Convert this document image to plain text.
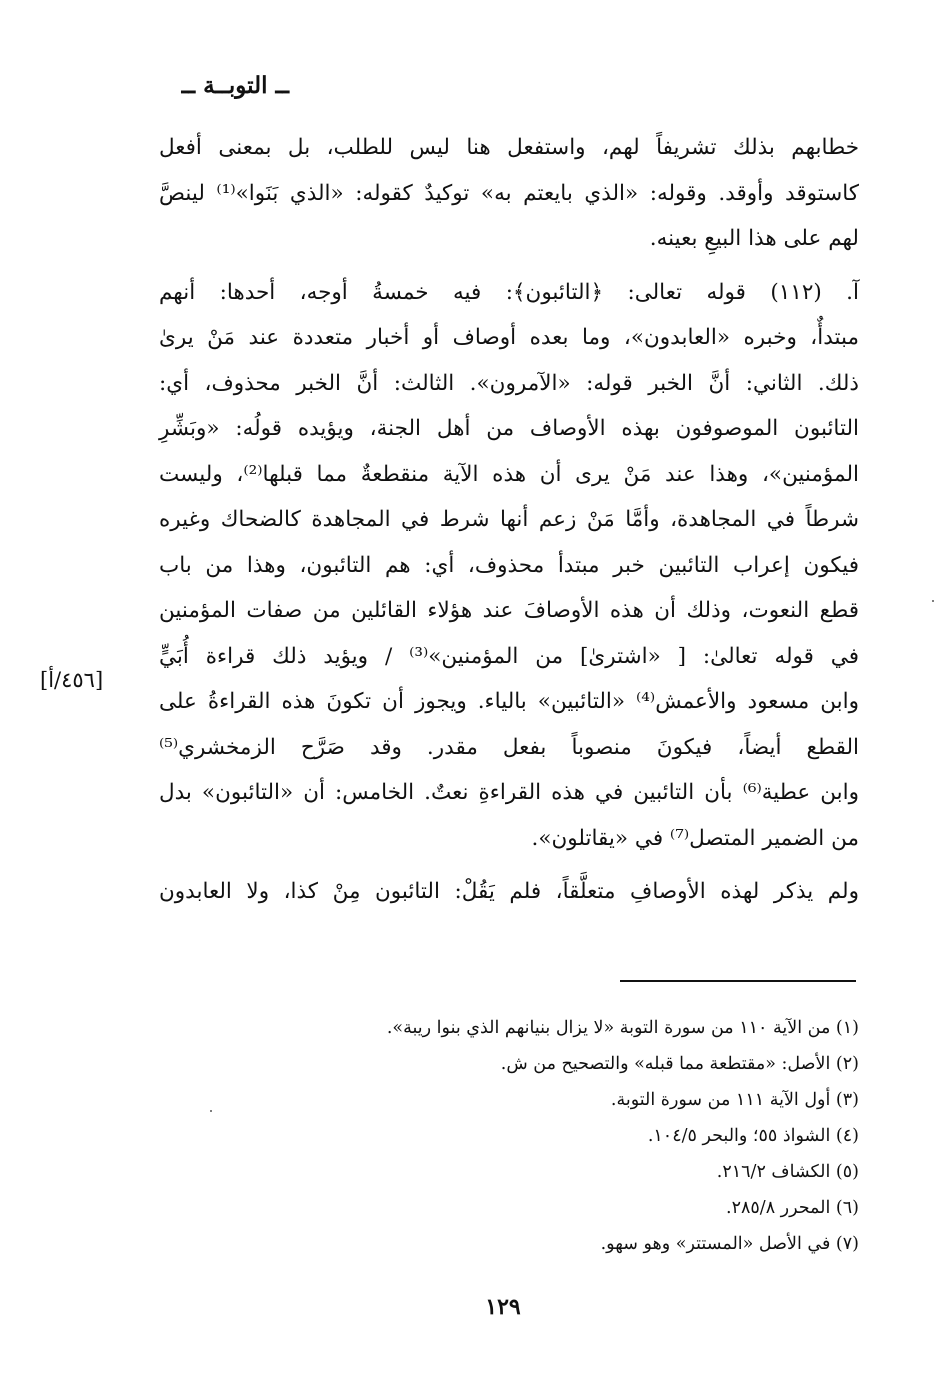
ــ التوبــة ــ
خطابهم بذلك تشريفاً لهم، واستفعل هنا ليس للطلب، بل بمعنى أفعل
كاستوقد وأوقد. وقوله: «الذي بايعتم به» توكيدٌ كقوله: «الذي بَنَوا»⁽¹⁾ لينصَّ
لهم على هذا البيعِ بعينه.
آ. (١١٢) قوله تعالى: ﴿التائبون﴾: فيه خمسةُ أوجه، أحدها: أنهم
مبتدأٌ، وخبره «العابدون»، وما بعده أوصاف أو أخبار متعددة عند مَنْ يرىٰ
ذلك. الثاني: أنَّ الخبر قوله: «الآمرون». الثالث: أنَّ الخبر محذوف، أي:
التائبون الموصوفون بهذه الأوصاف من أهل الجنة، ويؤيده قولُه: «وبَشِّرِ
المؤمنين»، وهذا عند مَنْ يرى أن هذه الآية منقطعةٌ مما قبلها⁽²⁾، وليست
شرطاً في المجاهدة، وأمَّا مَنْ زعم أنها شرط في المجاهدة كالضحاك وغيره
فيكون إعراب التائبين خبر مبتدأ محذوف، أي: هم التائبون، وهذا من باب
قطع النعوت، وذلك أن هذه الأوصافَ عند هؤلاء القائلين من صفات المؤمنين
في قوله تعالىٰ: [ «اشترىٰ] من المؤمنين»⁽³⁾ / ويؤيد ذلك قراءة أُبَيٍّ
وابن مسعود والأعمش⁽⁴⁾ «التائبين» بالياء. ويجوز أن تكونَ هذه القراءةُ على
القطع أيضاً، فيكونَ منصوباً بفعل مقدر. وقد صَرَّح الزمخشري⁽⁵⁾
وابن عطية⁽⁶⁾ بأن التائبين في هذه القراءةِ نعتٌ. الخامس: أن «التائبون» بدل
من الضمير المتصل⁽⁷⁾ في «يقاتلون».
ولم يذكر لهذه الأوصافِ متعلَّقاً، فلم يَقُلْ: التائبون مِنْ كذا، ولا العابدون
[٤٥٦/أ]
(١) من الآية ١١٠ من سورة التوبة «لا يزال بنيانهم الذي بنوا ريبة».
(٢) الأصل: «مقتطعة مما قبله» والتصحيح من ش.
(٣) أول الآية ١١١ من سورة التوبة.
(٤) الشواذ ٥٥؛ والبحر ١٠٤/٥.
(٥) الكشاف ٢١٦/٢.
(٦) المحرر ٢٨٥/٨.
(٧) في الأصل «المستتر» وهو سهو.
١٢٩
